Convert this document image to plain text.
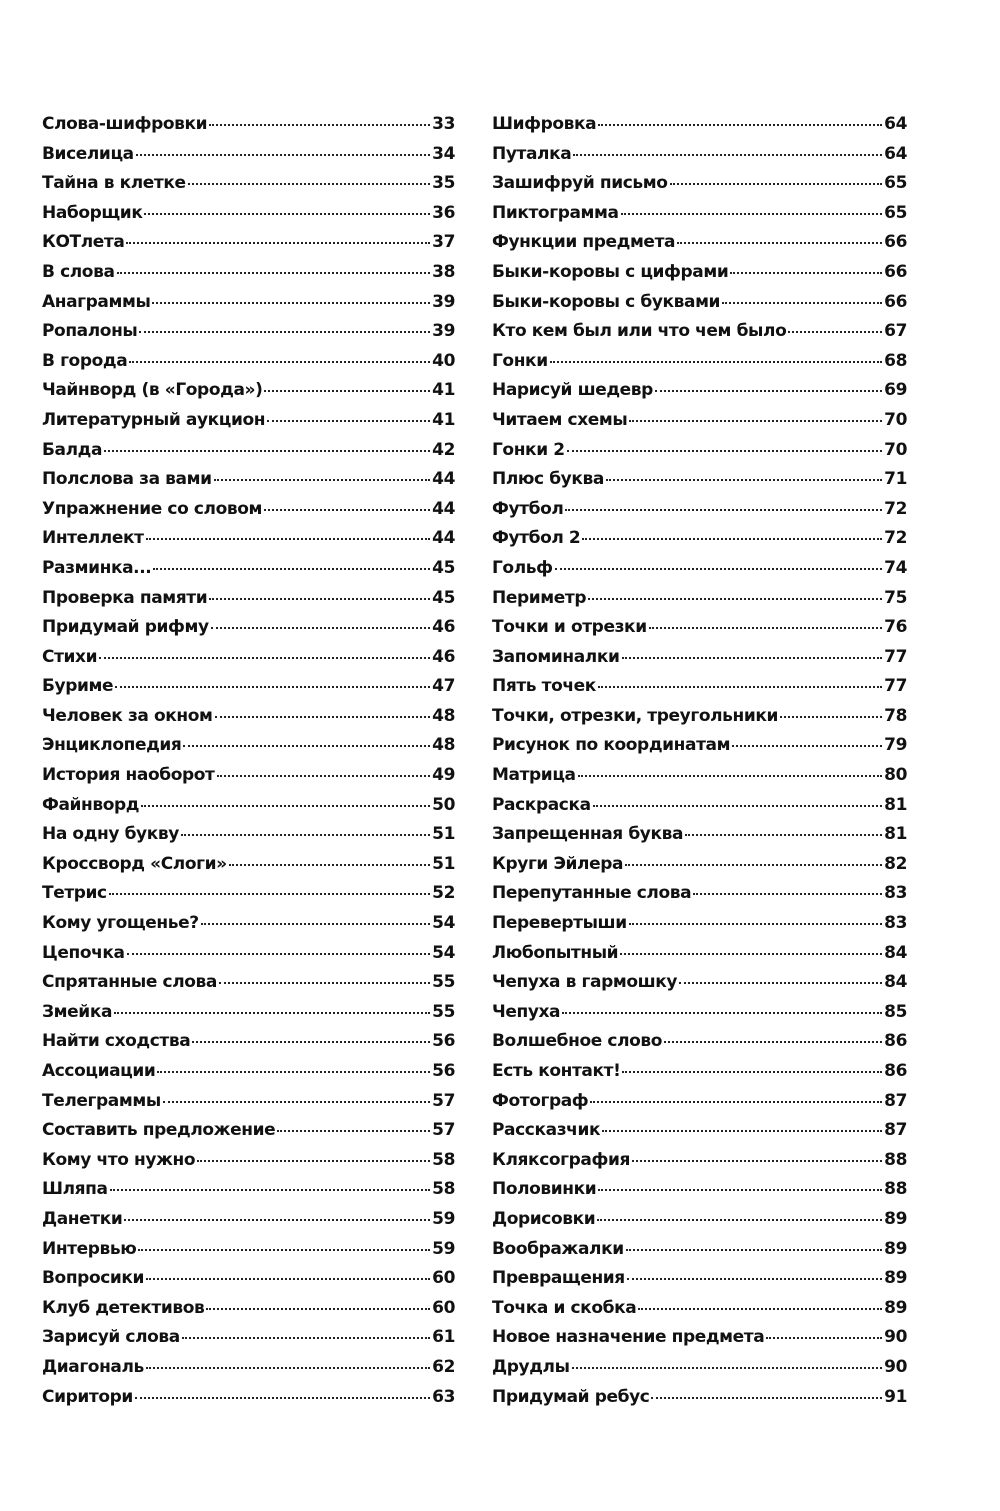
Слова-шифровки	33
Виселица	34
Тайна в клетке	35
Наборщик	36
КОТлета	37
В слова	38
Анаграммы	39
Ропалоны	39
В города	40
Чайнворд (в «Города»)	41
Литературный аукцион	41
Балда	42
Полслова за вами	44
Упражнение со словом	44
Интеллект	44
Разминка...	45
Проверка памяти	45
Придумай рифму	46
Стихи	46
Буриме	47
Человек за окном	48
Энциклопедия	48
История наоборот	49
Файнворд	50
На одну букву	51
Кроссворд «Слоги»	51
Тетрис	52
Кому угощенье?	54
Цепочка	54
Спрятанные слова	55
Змейка	55
Найти сходства	56
Ассоциации	56
Телеграммы	57
Составить предложение	57
Кому что нужно	58
Шляпа	58
Данетки	59
Интервью	59
Вопросики	60
Клуб детективов	60
Зарисуй слова	61
Диагональ	62
Сиритори	63
Шифровка	64
Путалка	64
Зашифруй письмо	65
Пиктограмма	65
Функции предмета	66
Быки-коровы с цифрами	66
Быки-коровы с буквами	66
Кто кем был или что чем было	67
Гонки	68
Нарисуй шедевр	69
Читаем схемы	70
Гонки 2	70
Плюс буква	71
Футбол	72
Футбол 2	72
Гольф	74
Периметр	75
Точки и отрезки	76
Запоминалки	77
Пять точек	77
Точки, отрезки, треугольники	78
Рисунок по координатам	79
Матрица	80
Раскраска	81
Запрещенная буква	81
Круги Эйлера	82
Перепутанные слова	83
Перевертыши	83
Любопытный	84
Чепуха в гармошку	84
Чепуха	85
Волшебное слово	86
Есть контакт!	86
Фотограф	87
Рассказчик	87
Кляксография	88
Половинки	88
Дорисовки	89
Воображалки	89
Превращения	89
Точка и скобка	89
Новое назначение предмета	90
Друдлы	90
Придумай ребус	91
